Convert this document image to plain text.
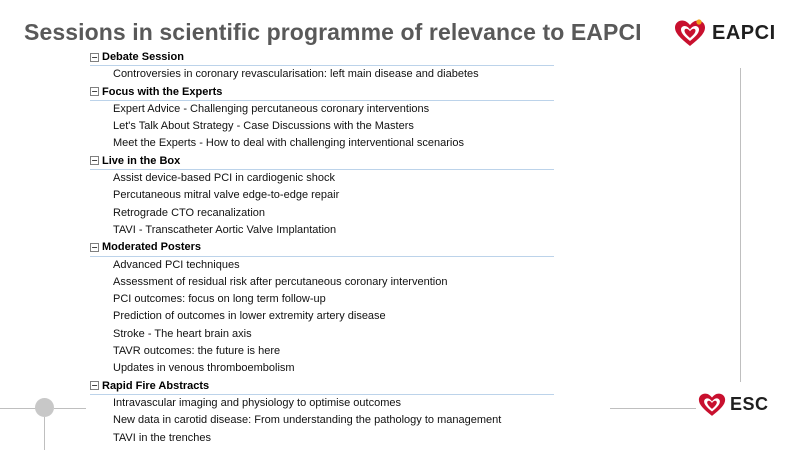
Sessions in scientific programme of relevance to EAPCI	EAPCI
ESC
− Debate Session
Controversies in coronary revascularisation: left main disease and diabetes
− Focus with the Experts
Expert Advice - Challenging percutaneous coronary interventions
Let's Talk About Strategy - Case Discussions with the Masters
Meet the Experts - How to deal with challenging interventional scenarios
− Live in the Box
Assist device-based PCI in cardiogenic shock
Percutaneous mitral valve edge-to-edge repair
Retrograde CTO recanalization
TAVI - Transcatheter Aortic Valve Implantation
− Moderated Posters
Advanced PCI techniques
Assessment of residual risk after percutaneous coronary intervention
PCI outcomes: focus on long term follow-up
Prediction of outcomes in lower extremity artery disease
Stroke - The heart brain axis
TAVR outcomes: the future is here
Updates in venous thromboembolism
− Rapid Fire Abstracts
Intravascular imaging and physiology to optimise outcomes
New data in carotid disease: From understanding the pathology to management
TAVI in the trenches
